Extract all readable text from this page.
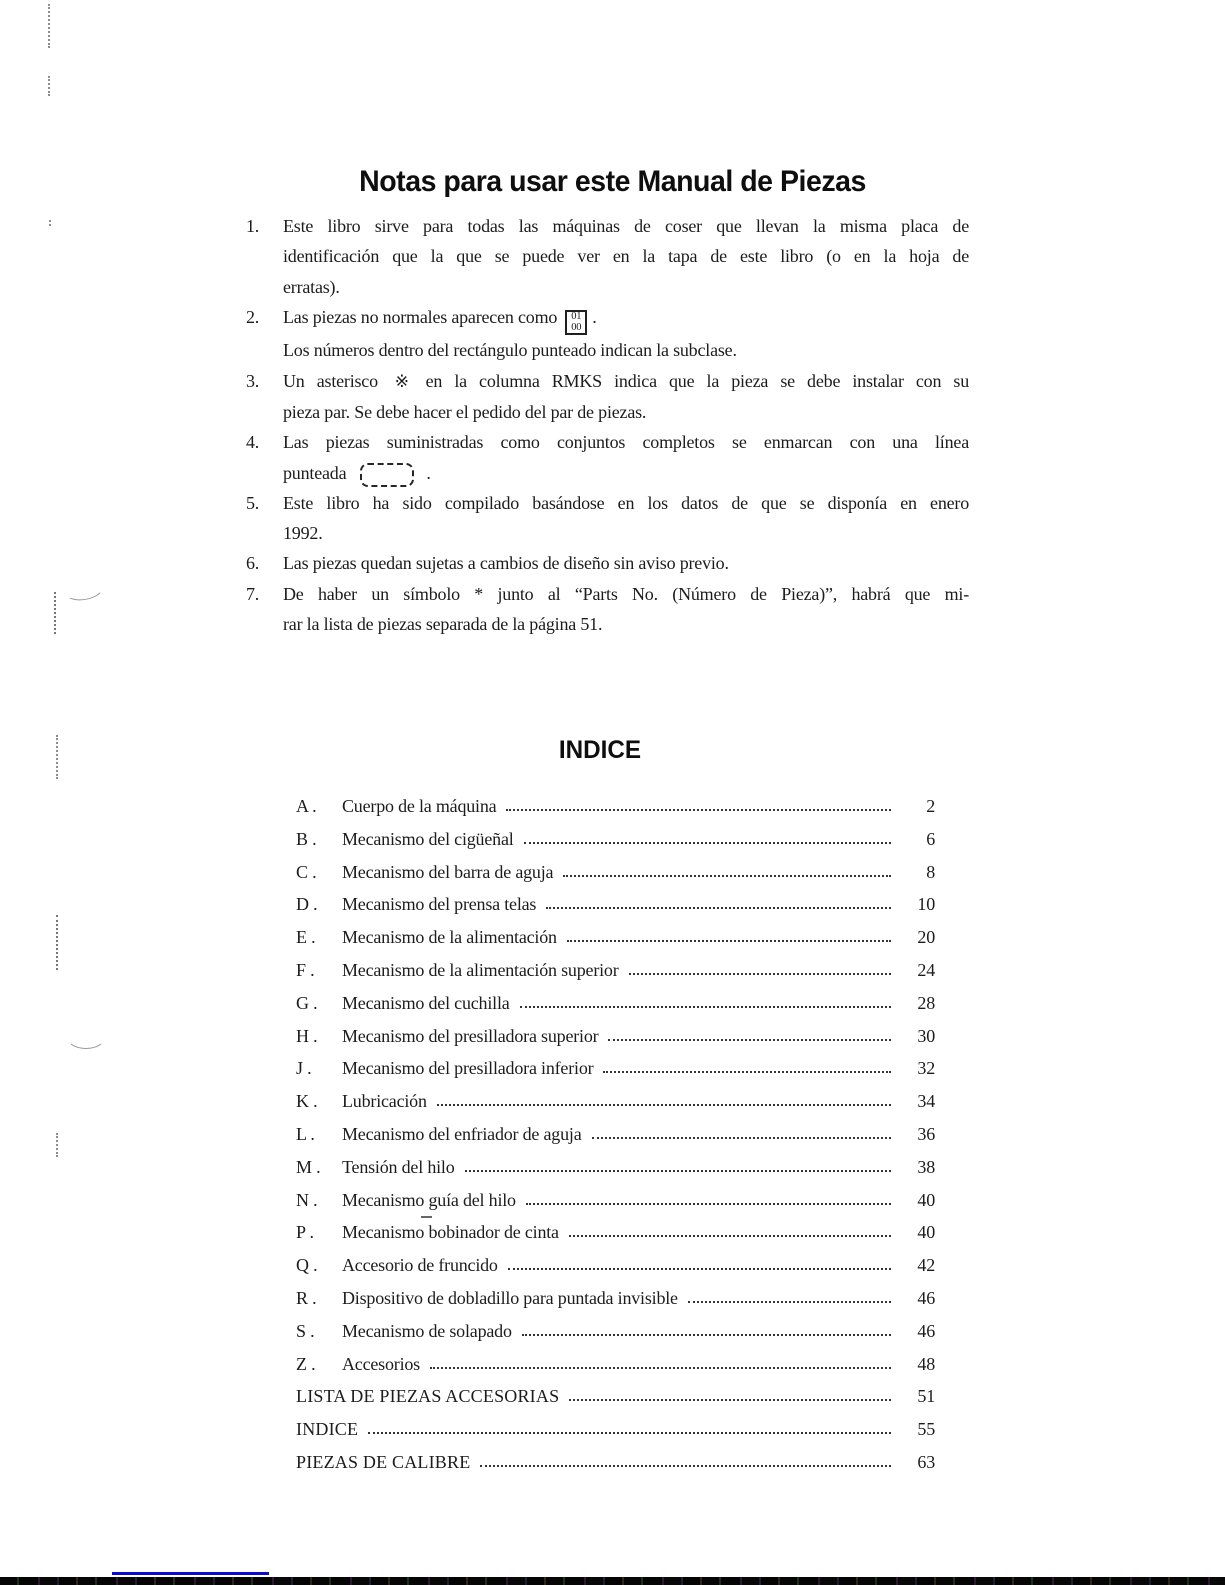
Notas para usar este Manual de Piezas
1.	Este libro sirve para todas las máquinas de coser que llevan la misma placa de
identificación que la que se puede ver en la tapa de este libro (o en la hoja de
erratas).
2.	Las piezas no normales aparecen como 01
00
.
Los números dentro del rectángulo punteado indican la subclase.
3.	Un asterisco ※ en la columna RMKS indica que la pieza se debe instalar con su
pieza par. Se debe hacer el pedido del par de piezas.
4.	Las piezas suministradas como conjuntos completos se enmarcan con una línea
punteada	.
5.	Este libro ha sido compilado basándose en los datos de que se disponía en enero
1992.
6.	Las piezas quedan sujetas a cambios de diseño sin aviso previo.
7.	De haber un símbolo * junto al “Parts No. (Número de Pieza)”, habrá que mi-
rar la lista de piezas separada de la página 51.
INDICE
A .	Cuerpo de la máquina	2
B .	Mecanismo del cigüeñal	6
C .	Mecanismo del barra de aguja	8
D .	Mecanismo del prensa telas	10
E .	Mecanismo de la alimentación	20
F .	Mecanismo de la alimentación superior	24
G .	Mecanismo del cuchilla	28
H .	Mecanismo del presilladora superior	30
J .	Mecanismo del presilladora inferior	32
K .	Lubricación	34
L .	Mecanismo del enfriador de aguja	36
M .	Tensión del hilo	38
N .	Mecanismo guía del hilo	40
P .	Mecanismo bobinador de cinta	40
Q .	Accesorio de fruncido	42
R .	Dispositivo de dobladillo para puntada invisible	46
S .	Mecanismo de solapado	46
Z .	Accesorios	48
LISTA DE PIEZAS ACCESORIAS	51
INDICE	55
PIEZAS DE CALIBRE	63
